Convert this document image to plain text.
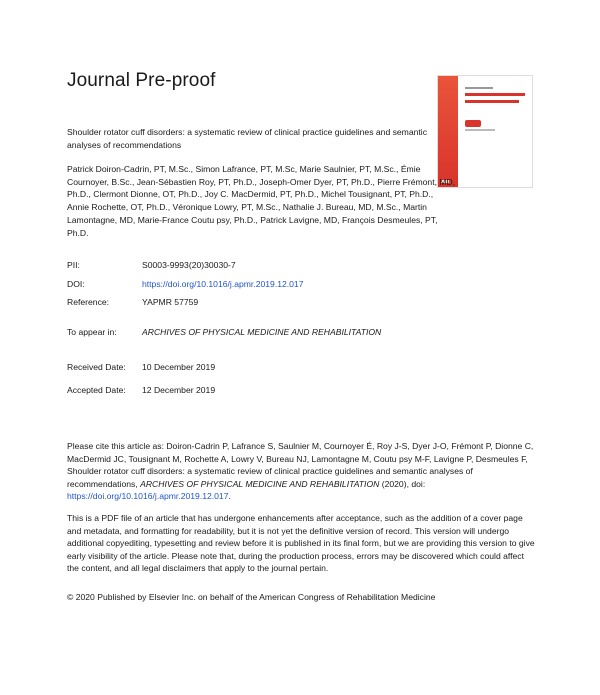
Journal Pre-proof
Shoulder rotator cuff disorders: a systematic review of clinical practice guidelines and semantic analyses of recommendations
Patrick Doiron-Cadrin, PT, M.Sc., Simon Lafrance, PT, M.Sc, Marie Saulnier, PT, M.Sc., Émie Cournoyer, B.Sc., Jean-Sébastien Roy, PT, Ph.D., Joseph-Omer Dyer, PT, Ph.D., Pierre Frémont, MD, Ph.D., Clermont Dionne, OT, Ph.D., Joy C. MacDermid, PT, Ph.D., Michel Tousignant, PT, Ph.D., Annie Rochette, OT, Ph.D., Véronique Lowry, PT, M.Sc., Nathalie J. Bureau, MD, M.Sc., Martin Lamontagne, MD, Marie-France Coutu psy, Ph.D., Patrick Lavigne, MD, François Desmeules, PT, Ph.D.
PII:	S0003-9993(20)30030-7
DOI:	https://doi.org/10.1016/j.apmr.2019.12.017
Reference:	YAPMR 57759
To appear in:	ARCHIVES OF PHYSICAL MEDICINE AND REHABILITATION
Received Date: 10 December 2019
Accepted Date: 12 December 2019
Please cite this article as: Doiron-Cadrin P, Lafrance S, Saulnier M, Cournoyer É, Roy J-S, Dyer J-O, Frémont P, Dionne C, MacDermid JC, Tousignant M, Rochette A, Lowry V, Bureau NJ, Lamontagne M, Coutu psy M-F, Lavigne P, Desmeules F, Shoulder rotator cuff disorders: a systematic review of clinical practice guidelines and semantic analyses of recommendations, ARCHIVES OF PHYSICAL MEDICINE AND REHABILITATION (2020), doi: https://doi.org/10.1016/j.apmr.2019.12.017.
This is a PDF file of an article that has undergone enhancements after acceptance, such as the addition of a cover page and metadata, and formatting for readability, but it is not yet the definitive version of record. This version will undergo additional copyediting, typesetting and review before it is published in its final form, but we are providing this version to give early visibility of the article. Please note that, during the production process, errors may be discovered which could affect the content, and all legal disclaimers that apply to the journal pertain.
© 2020 Published by Elsevier Inc. on behalf of the American Congress of Rehabilitation Medicine
